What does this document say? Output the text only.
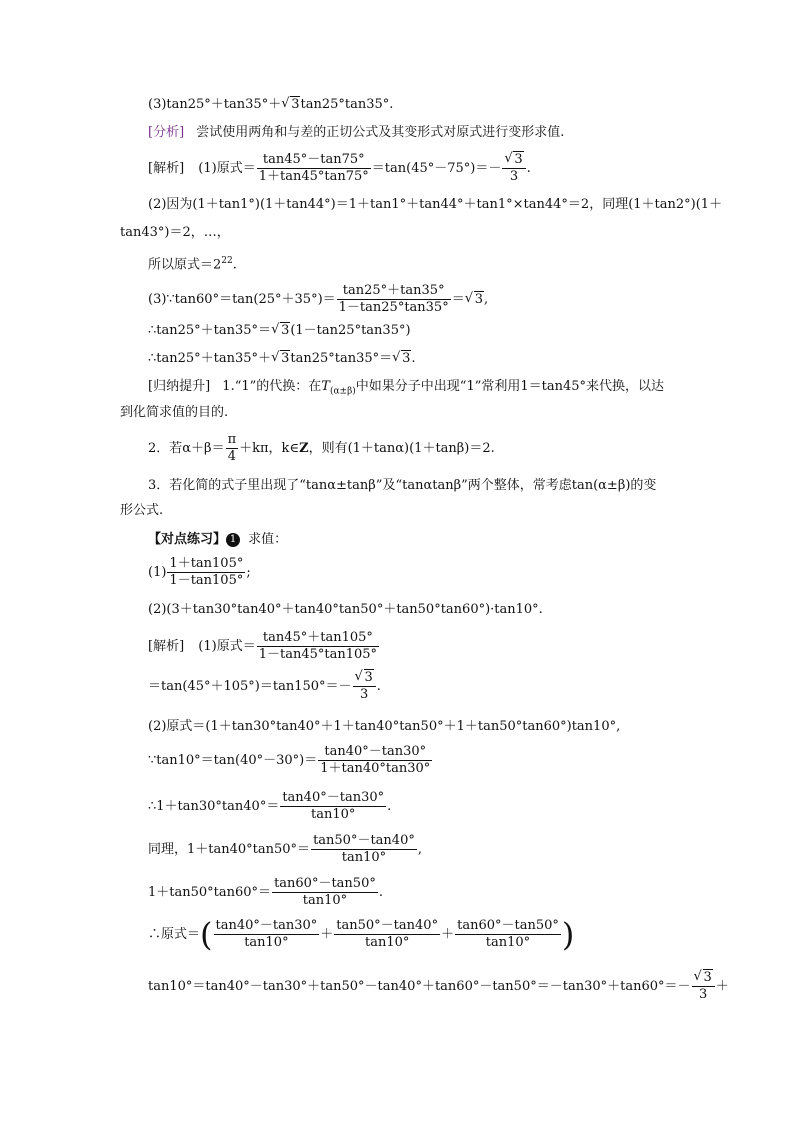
(3)tan25°＋tan35°＋ √ 3tan25°tan35°.
[分析] 尝试使用两角和与差的正切公式及其变形式对原式进行变形求值.
[解析] (1)原式＝ $\frac{\tan 45^\circ-\tan 75^\circ}{1+\tan 45^\circ\tan 75^\circ} =\tan(45^\circ-75^\circ)=-$ √ $\frac{3}{3}$ .
(2)因为(1＋tan1°)(1＋tan44°)＝1＋tan1°＋tan44°＋tan1°×tan44°＝2，同理(1＋tan2°)(1＋
tan43°)＝2，…，
所以原式$=2^{22}$.
(3)∵tan60°＝tan(25°＋35°)＝ $\frac{\tan 25^\circ+\tan 35^\circ}{1-\tan 25^\circ\tan 35^\circ}$ ＝ √ 3,
∴tan25°＋tan35°＝ √ 3(1－tan25°tan35°)
∴tan25°＋tan35°＋ √ 3tan25°tan35°＝ √ 3.
[归纳提升] 1.“1”的代换：在$T_{(\alpha\pm\beta)}$中如果分子中出现“1”常利用1＝tan45°来代换，以达
到化简求值的目的.
2．若$\alpha+\beta= \frac{\pi}{4} +k\pi$，k∈Z，则有(1＋tanα)(1＋tanβ)＝2.
3．若化简的式子里出现了“tanα±tanβ”及“tanαtanβ”两个整体，常考虑tan(α±β)的变
形公式.
【对点练习】 1 求值：
$(1) \frac{1+\tan 105^\circ}{1-\tan 105^\circ}$ ;
(2)(3＋tan30°tan40°＋tan40°tan50°＋tan50°tan60°)·tan10°.
[解析] (1)原式＝ $\frac{\tan 45^\circ+\tan 105^\circ}{1-\tan 45^\circ\tan 105^\circ}$
＝tan(45°＋105°)＝tan150°＝－ √ $\frac{3}{3}$ .
(2)原式＝(1＋tan30°tan40°＋1＋tan40°tan50°＋1＋tan50°tan60°)tan10°,
∵tan10°＝tan(40°－30°)＝ $\frac{\tan 40^\circ-\tan 30^\circ}{1+\tan 40^\circ\tan 30^\circ}$
∴1＋tan30°tan40°＝ $\frac{\tan 40^\circ-\tan 30^\circ}{\tan 10^\circ}$ .
同理，$1+\tan 40^\circ\tan 50^\circ= \frac{\tan 50^\circ-\tan 40^\circ}{\tan 10^\circ}$ ,
$1+\tan 50^\circ\tan 60^\circ= \frac{\tan 60^\circ-\tan 50^\circ}{\tan 10^\circ}$ .
∴原式＝( $\frac{\tan 40^\circ-\tan 30^\circ}{\tan 10^\circ} + \frac{\tan 50^\circ-\tan 40^\circ}{\tan 10^\circ} + \frac{\tan 60^\circ-\tan 50^\circ}{\tan 10^\circ}$ )
tan10°＝tan40°－tan30°＋tan50°－tan40°＋tan60°－tan50°＝－tan30°＋tan60°＝－ √ $\frac{3}{3}$ ＋
